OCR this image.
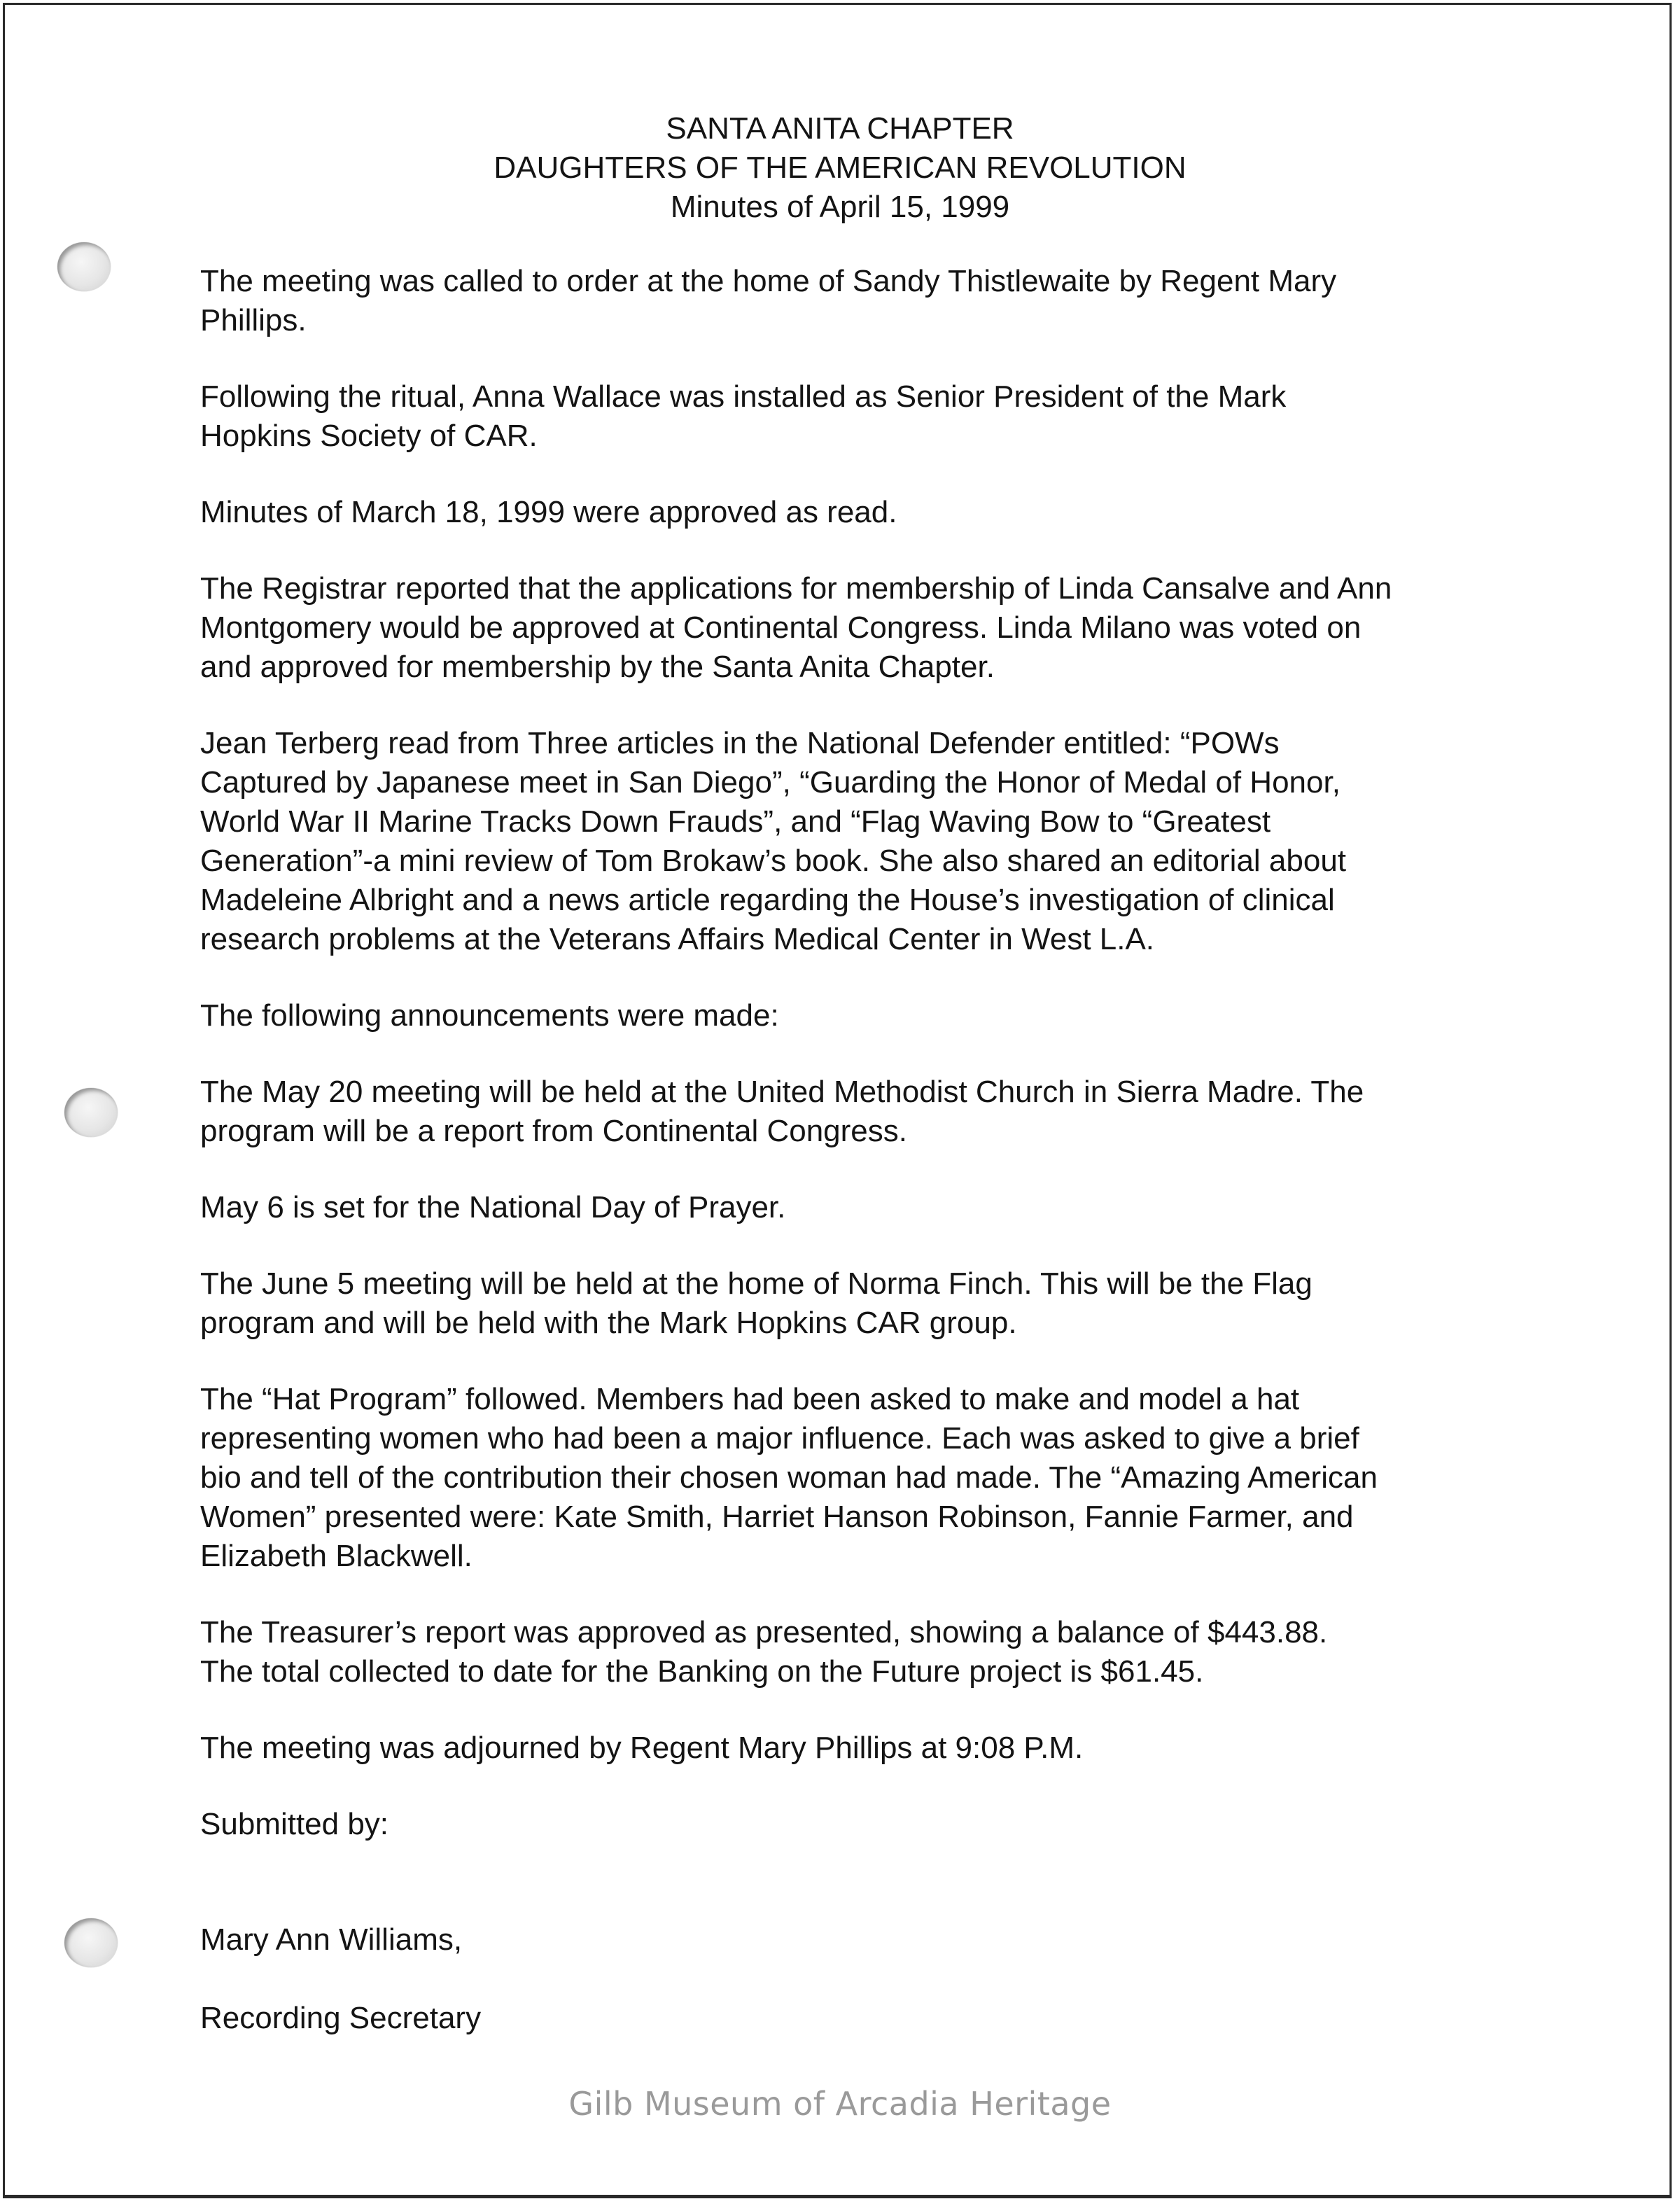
SANTA ANITA CHAPTER
DAUGHTERS OF THE AMERICAN REVOLUTION
Minutes of April 15, 1999

The meeting was called to order at the home of Sandy Thistlewaite by Regent Mary
Phillips.

Following the ritual, Anna Wallace was installed as Senior President of the Mark
Hopkins Society of CAR.

Minutes of March 18, 1999 were approved as read.

The Registrar reported that the applications for membership of Linda Cansalve and Ann
Montgomery would be approved at Continental Congress. Linda Milano was voted on
and approved for membership by the Santa Anita Chapter.

Jean Terberg read from Three articles in the National Defender entitled: “POWs
Captured by Japanese meet in San Diego”, “Guarding the Honor of Medal of Honor,
World War II Marine Tracks Down Frauds”, and “Flag Waving Bow to “Greatest
Generation”-a mini review of Tom Brokaw’s book. She also shared an editorial about
Madeleine Albright and a news article regarding the House’s investigation of clinical
research problems at the Veterans Affairs Medical Center in West L.A.

The following announcements were made:

The May 20 meeting will be held at the United Methodist Church in Sierra Madre. The
program will be a report from Continental Congress.

May 6 is set for the National Day of Prayer.

The June 5 meeting will be held at the home of Norma Finch. This will be the Flag
program and will be held with the Mark Hopkins CAR group.

The “Hat Program” followed. Members had been asked to make and model a hat
representing women who had been a major influence. Each was asked to give a brief
bio and tell of the contribution their chosen woman had made. The “Amazing American
Women” presented were: Kate Smith, Harriet Hanson Robinson, Fannie Farmer, and
Elizabeth Blackwell.

The Treasurer’s report was approved as presented, showing a balance of $443.88.
The total collected to date for the Banking on the Future project is $61.45.

The meeting was adjourned by Regent Mary Phillips at 9:08 P.M.

Submitted by:

Mary Ann Williams,

Recording Secretary

Gilb Museum of Arcadia Heritage
